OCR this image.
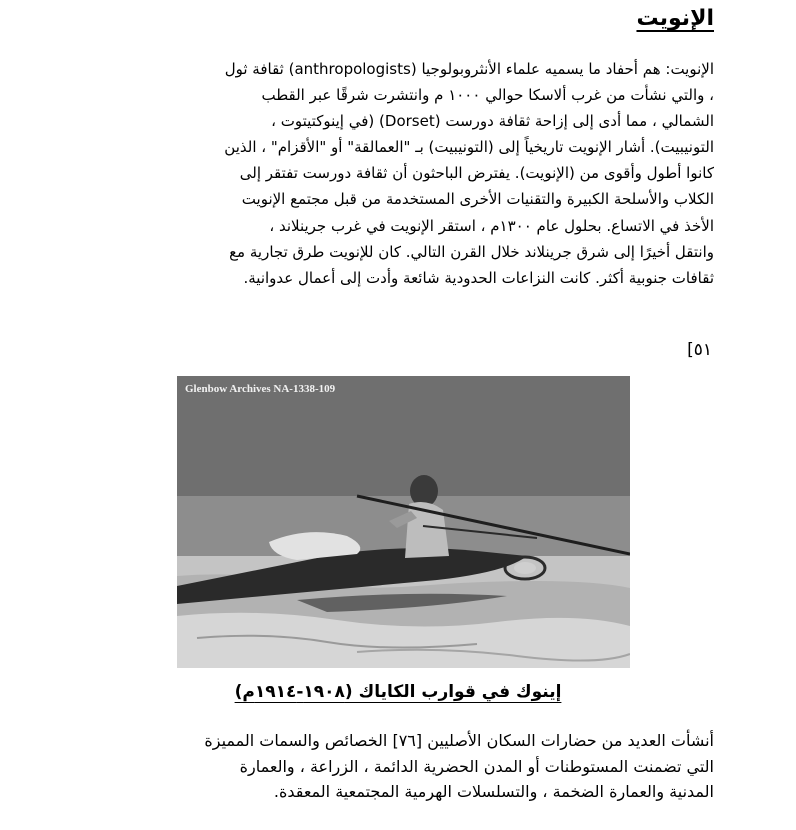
الإنويت
الإنويت: هم أحفاد ما يسميه علماء الأنثروبولوجيا (anthropologists) ثقافة ثول
، والتي نشأت من غرب ألاسكا حوالي ١٠٠٠ م وانتشرت شرقًا عبر القطب
الشمالي ، مما أدى إلى إزاحة ثقافة دورست (Dorset) (في إينوكتيتوت ،
التونيبيت). أشار الإنويت تاريخياً إلى (التونيبيت) بـ "العمالقة" أو "الأقزام" ، الذين
كانوا أطول وأقوى من (الإنويت). يفترض الباحثون أن ثقافة دورست تفتقر إلى
الكلاب والأسلحة الكبيرة والتقنيات الأخرى المستخدمة من قبل مجتمع الإنويت
الأخذ في الاتساع. بحلول عام ١٣٠٠م ، استقر الإنويت في غرب جرينلاند ،
وانتقل أخيرًا إلى شرق جرينلاند خلال القرن التالي. كان للإنويت طرق تجارية مع
ثقافات جنوبية أكثر. كانت النزاعات الحدودية شائعة وأدت إلى أعمال عدوانية.
٥١]
Glenbow Archives NA-1338-109
إينوك في قوارب الكاياك (١٩٠٨-١٩١٤م)
أنشأت العديد من حضارات السكان الأصليين [٧٦] الخصائص والسمات المميزة
التي تضمنت المستوطنات أو المدن الحضرية الدائمة ، الزراعة ، والعمارة
المدنية والعمارة الضخمة ، والتسلسلات الهرمية المجتمعية المعقدة.
